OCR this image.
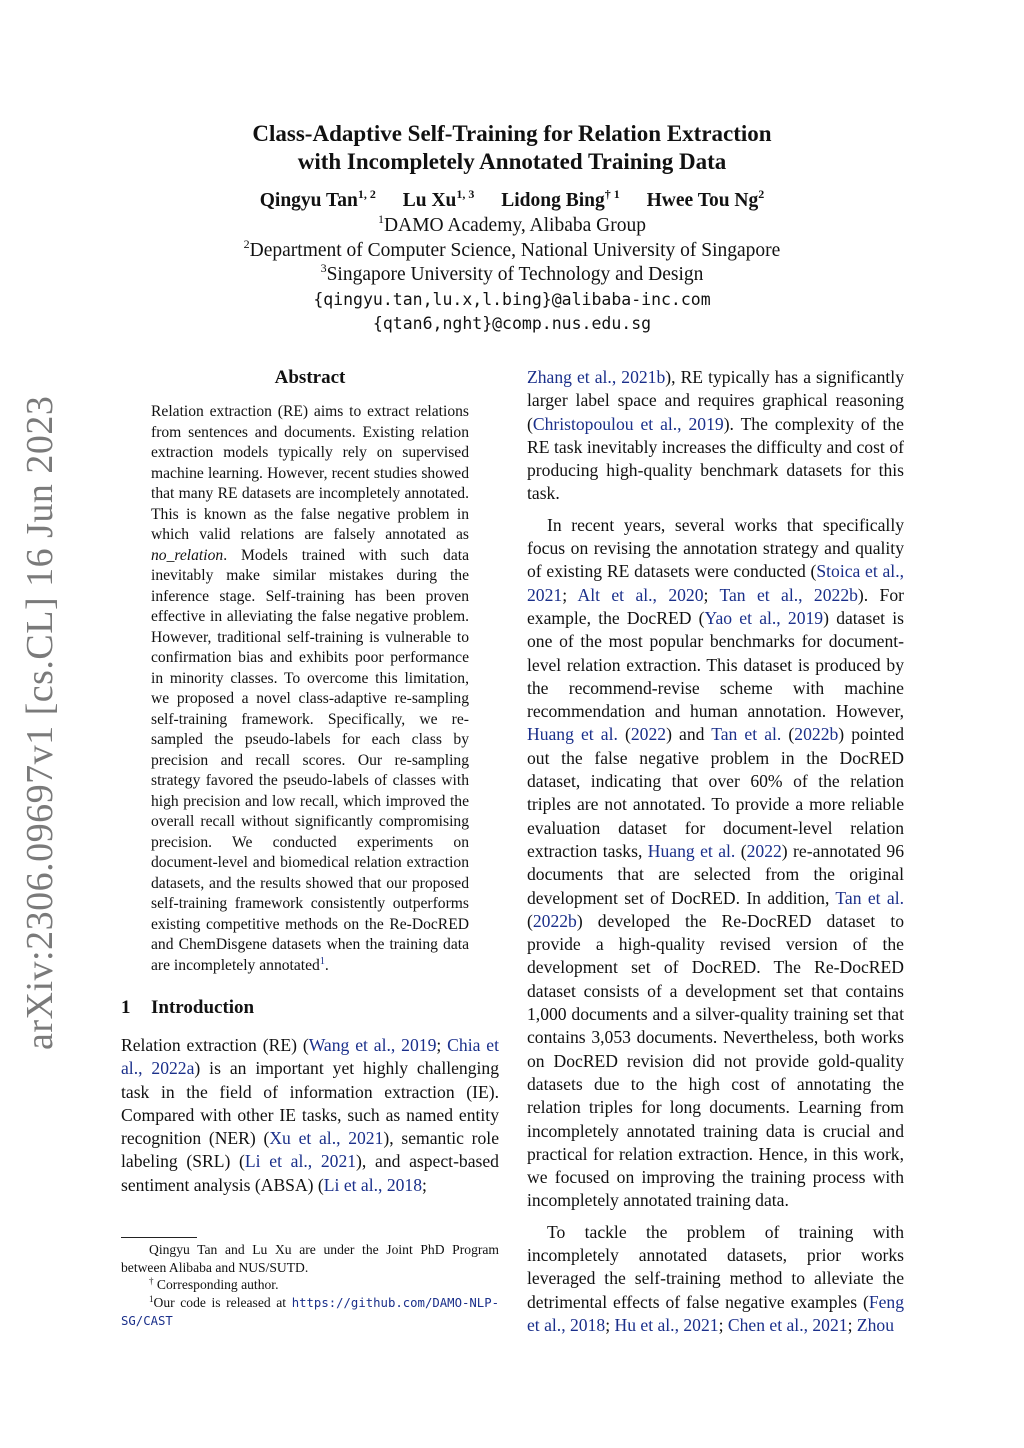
arXiv:2306.09697v1 [cs.CL] 16 Jun 2023
Class-Adaptive Self-Training for Relation Extraction
with Incompletely Annotated Training Data
Qingyu Tan$^{1, 2}$ Lu Xu$^{1, 3}$ Lidong Bing$^{\dagger 1}$ Hwee Tou Ng$^2$
$^1$DAMO Academy, Alibaba Group
$^2$Department of Computer Science, National University of Singapore
$^3$Singapore University of Technology and Design
{qingyu.tan,lu.x,l.bing}@alibaba-inc.com
{qtan6,nght}@comp.nus.edu.sg
Abstract
Relation extraction (RE) aims to extract relations from sentences and documents. Existing relation extraction models typically rely on supervised machine learning. However, recent studies showed that many RE datasets are incompletely annotated. This is known as the false negative problem in which valid relations are falsely annotated as no_relation. Models trained with such data inevitably make similar mistakes during the inference stage. Self-training has been proven effective in alleviating the false negative problem. However, traditional self-training is vulnerable to confirmation bias and exhibits poor performance in minority classes. To overcome this limitation, we proposed a novel class-adaptive re-sampling self-training framework. Specifically, we re-sampled the pseudo-labels for each class by precision and recall scores. Our re-sampling strategy favored the pseudo-labels of classes with high precision and low recall, which improved the overall recall without significantly compromising precision. We conducted experiments on document-level and biomedical relation extraction datasets, and the results showed that our proposed self-training framework consistently outperforms existing competitive methods on the Re-DocRED and ChemDisgene datasets when the training data are incompletely annotated$^1$.
1 Introduction
Relation extraction (RE) (Wang et al., 2019; Chia et al., 2022a) is an important yet highly challenging task in the field of information extraction (IE). Compared with other IE tasks, such as named entity recognition (NER) (Xu et al., 2021), semantic role labeling (SRL) (Li et al., 2021), and aspect-based sentiment analysis (ABSA) (Li et al., 2018;

Qingyu Tan and Lu Xu are under the Joint PhD Program between Alibaba and NUS/SUTD.

† Corresponding author.

$^1$Our code is released at https://github.com/DAMO-NLP-SG/CAST

Zhang et al., 2021b), RE typically has a significantly larger label space and requires graphical reasoning (Christopoulou et al., 2019). The complexity of the RE task inevitably increases the difficulty and cost of producing high-quality benchmark datasets for this task.

In recent years, several works that specifically focus on revising the annotation strategy and quality of existing RE datasets were conducted (Stoica et al., 2021; Alt et al., 2020; Tan et al., 2022b). For example, the DocRED (Yao et al., 2019) dataset is one of the most popular benchmarks for document-level relation extraction. This dataset is produced by the recommend-revise scheme with machine recommendation and human annotation. However, Huang et al. (2022) and Tan et al. (2022b) pointed out the false negative problem in the DocRED dataset, indicating that over 60% of the relation triples are not annotated. To provide a more reliable evaluation dataset for document-level relation extraction tasks, Huang et al. (2022) re-annotated 96 documents that are selected from the original development set of DocRED. In addition, Tan et al. (2022b) developed the Re-DocRED dataset to provide a high-quality revised version of the development set of DocRED. The Re-DocRED dataset consists of a development set that contains 1,000 documents and a silver-quality training set that contains 3,053 documents. Nevertheless, both works on DocRED revision did not provide gold-quality datasets due to the high cost of annotating the relation triples for long documents. Learning from incompletely annotated training data is crucial and practical for relation extraction. Hence, in this work, we focused on improving the training process with incompletely annotated training data.

To tackle the problem of training with incompletely annotated datasets, prior works leveraged the self-training method to alleviate the detrimental effects of false negative examples (Feng et al., 2018; Hu et al., 2021; Chen et al., 2021; Zhou
